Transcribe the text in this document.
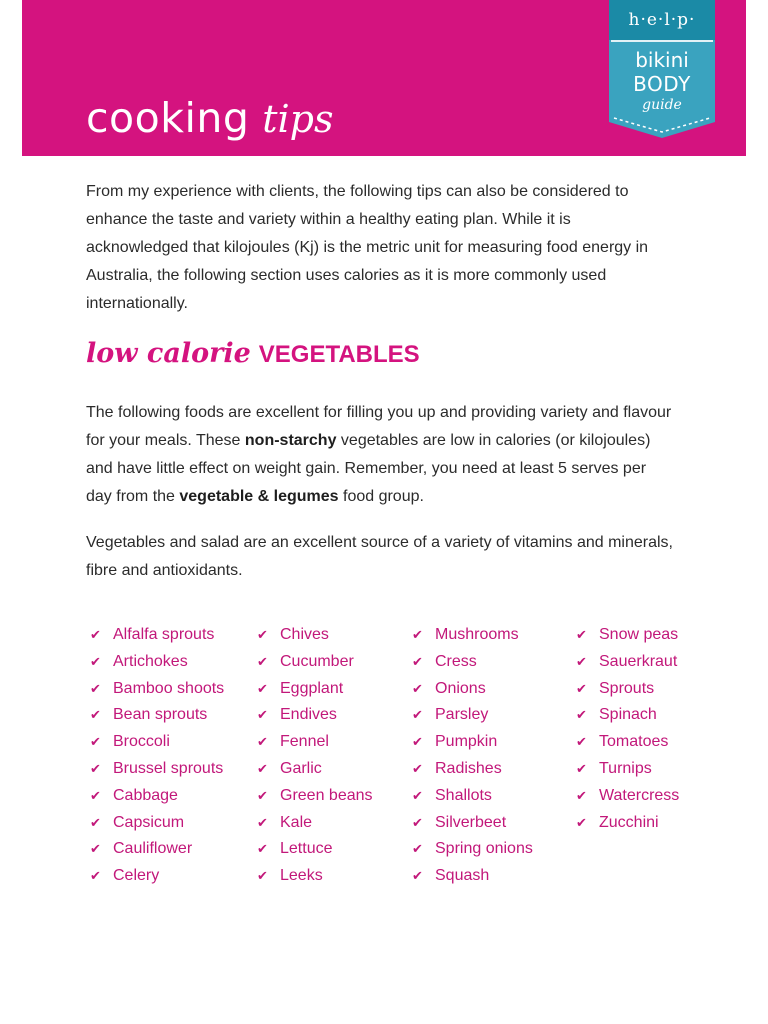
cooking tips
h·e·l·p·
bikini
BODY
guide

From my experience with clients, the following tips can also be considered to enhance the taste and variety within a healthy eating plan. While it is acknowledged that kilojoules (Kj) is the metric unit for measuring food energy in Australia, the following section uses calories as it is more commonly used internationally.

low calorie VEGETABLES

The following foods are excellent for filling you up and providing variety and flavour for your meals. These non-starchy vegetables are low in calories (or kilojoules) and have little effect on weight gain. Remember, you need at least 5 serves per day from the vegetable & legumes food group.

Vegetables and salad are an excellent source of a variety of vitamins and minerals, fibre and antioxidants.

✔ Alfalfa sprouts
✔ Artichokes
✔ Bamboo shoots
✔ Bean sprouts
✔ Broccoli
✔ Brussel sprouts
✔ Cabbage
✔ Capsicum
✔ Cauliflower
✔ Celery
✔ Chives
✔ Cucumber
✔ Eggplant
✔ Endives
✔ Fennel
✔ Garlic
✔ Green beans
✔ Kale
✔ Lettuce
✔ Leeks
✔ Mushrooms
✔ Cress
✔ Onions
✔ Parsley
✔ Pumpkin
✔ Radishes
✔ Shallots
✔ Silverbeet
✔ Spring onions
✔ Squash
✔ Snow peas
✔ Sauerkraut
✔ Sprouts
✔ Spinach
✔ Tomatoes
✔ Turnips
✔ Watercress
✔ Zucchini
